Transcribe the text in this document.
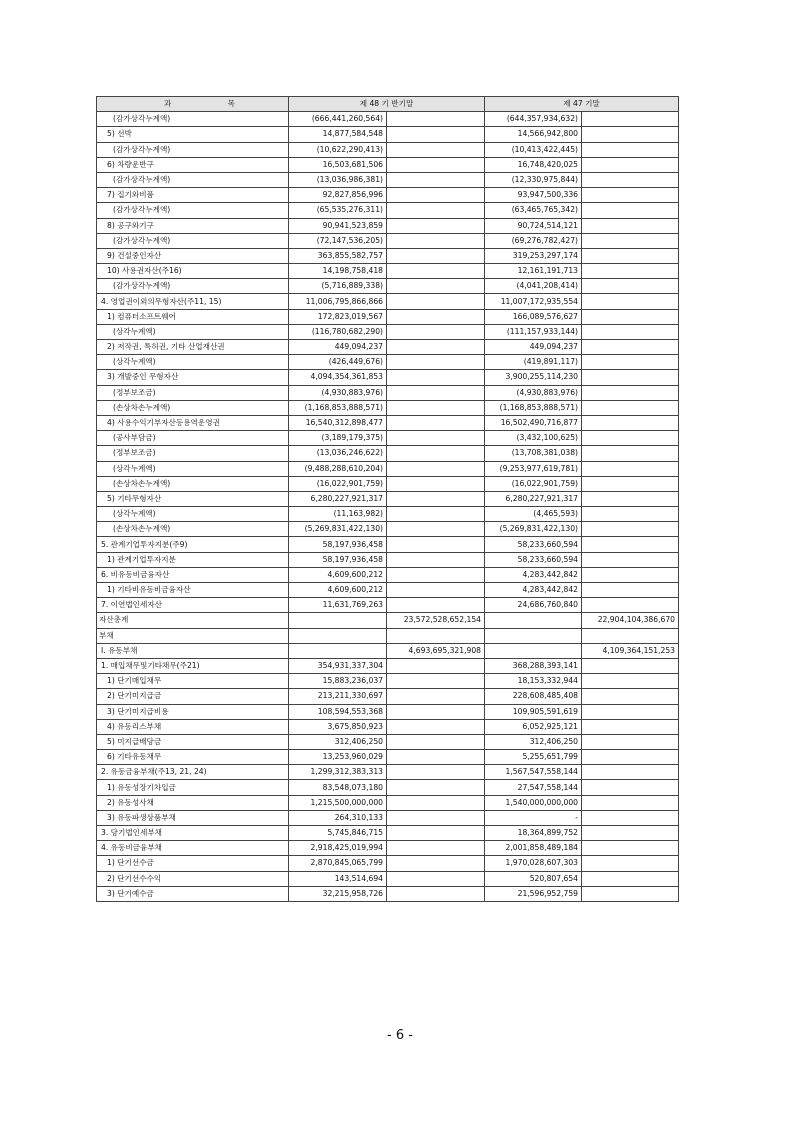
과 목	제 48 기 반기말		제 47 기말	
(감가상각누계액)	(666,441,260,564)		(644,357,934,632)	
5) 선박	14,877,584,548		14,566,942,800	
(감가상각누계액)	(10,622,290,413)		(10,413,422,445)	
6) 차량운반구	16,503,681,506		16,748,420,025	
(감가상각누계액)	(13,036,986,381)		(12,330,975,844)	
7) 집기와비품	92,827,856,996		93,947,500,336	
(감가상각누계액)	(65,535,276,311)		(63,465,765,342)	
8) 공구와기구	90,941,523,859		90,724,514,121	
(감가상각누계액)	(72,147,536,205)		(69,276,782,427)	
9) 건설중인자산	363,855,582,757		319,253,297,174	
10) 사용권자산(주16)	14,198,758,418		12,161,191,713	
(감가상각누계액)	(5,716,889,338)		(4,041,208,414)	
4. 영업권이외의무형자산(주11, 15)	11,006,795,866,866		11,007,172,935,554	
1) 컴퓨터소프트웨어	172,823,019,567		166,089,576,627	
(상각누계액)	(116,780,682,290)		(111,157,933,144)	
2) 저작권, 특허권, 기타 산업재산권	449,094,237		449,094,237	
(상각누계액)	(426,449,676)		(419,891,117)	
3) 개발중인 무형자산	4,094,354,361,853		3,900,255,114,230	
(정부보조금)	(4,930,883,976)		(4,930,883,976)	
(손상차손누계액)	(1,168,853,888,571)		(1,168,853,888,571)	
4) 사용수익기부자산등용역운영권	16,540,312,898,477		16,502,490,716,877	
(공사부담금)	(3,189,179,375)		(3,432,100,625)	
(정부보조금)	(13,036,246,622)		(13,708,381,038)	
(상각누계액)	(9,488,288,610,204)		(9,253,977,619,781)	
(손상차손누계액)	(16,022,901,759)		(16,022,901,759)	
5) 기타무형자산	6,280,227,921,317		6,280,227,921,317	
(상각누계액)	(11,163,982)		(4,465,593)	
(손상차손누계액)	(5,269,831,422,130)		(5,269,831,422,130)	
5. 관계기업투자지분(주9)	58,197,936,458		58,233,660,594	
1) 관계기업투자지분	58,197,936,458		58,233,660,594	
6. 비유동비금융자산	4,609,600,212		4,283,442,842	
1) 기타비유동비금융자산	4,609,600,212		4,283,442,842	
7. 이연법인세자산	11,631,769,263		24,686,760,840	
자산총계		23,572,528,652,154		22,904,104,386,670
부채				
Ⅰ. 유동부채		4,693,695,321,908		4,109,364,151,253
1. 매입채무및기타채무(주21)	354,931,337,304		368,288,393,141	
1) 단기매입채무	15,883,236,037		18,153,332,944	
2) 단기미지급금	213,211,330,697		228,608,485,408	
3) 단기미지급비용	108,594,553,368		109,905,591,619	
4) 유동리스부채	3,675,850,923		6,052,925,121	
5) 미지급배당금	312,406,250		312,406,250	
6) 기타유동채무	13,253,960,029		5,255,651,799	
2. 유동금융부채(주13, 21, 24)	1,299,312,383,313		1,567,547,558,144	
1) 유동성장기차입금	83,548,073,180		27,547,558,144	
2) 유동성사채	1,215,500,000,000		1,540,000,000,000	
3) 유동파생상품부채	264,310,133		-	
3. 당기법인세부채	5,745,846,715		18,364,899,752	
4. 유동비금융부채	2,918,425,019,994		2,001,858,489,184	
1) 단기선수금	2,870,845,065,799		1,970,028,607,303	
2) 단기선수수익	143,514,694		520,807,654	
3) 단기예수금	32,215,958,726		21,596,952,759	
- 6 -
